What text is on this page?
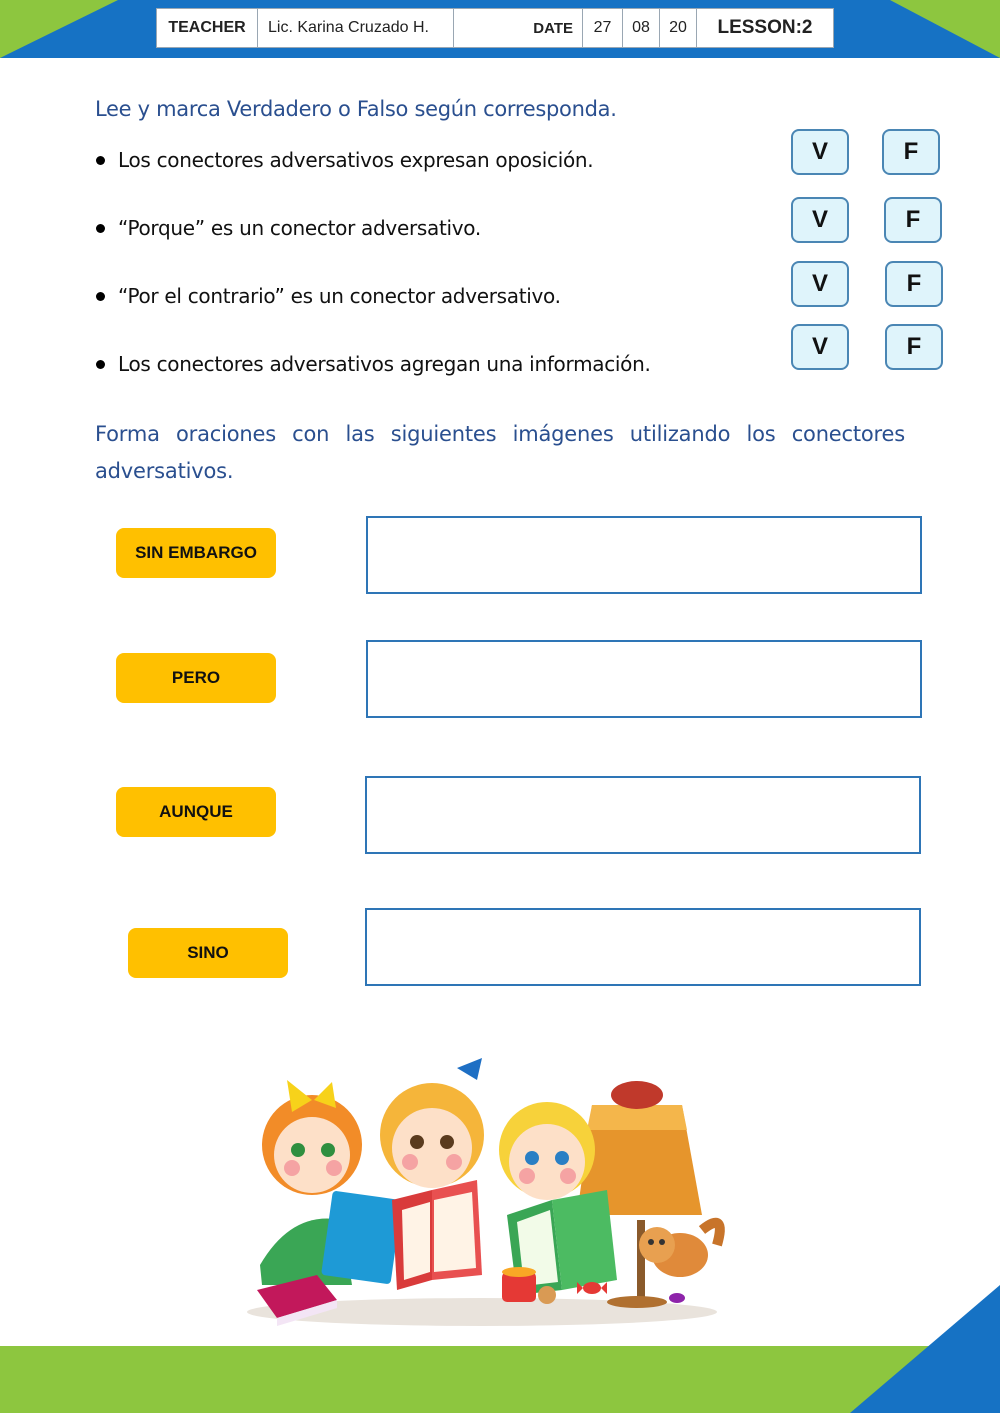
TEACHER	Lic. Karina Cruzado H.	DATE	27	08	20	LESSON:2
Lee y marca Verdadero o Falso según corresponda.
Los conectores adversativos expresan oposición.
“Porque” es un conector adversativo.
“Por el contrario” es un conector adversativo.
Los conectores adversativos agregan una información.
V	F
V	F
V	F
V	F
Forma oraciones con las siguientes imágenes utilizando los conectores adversativos.
SIN EMBARGO
PERO
AUNQUE
SINO
